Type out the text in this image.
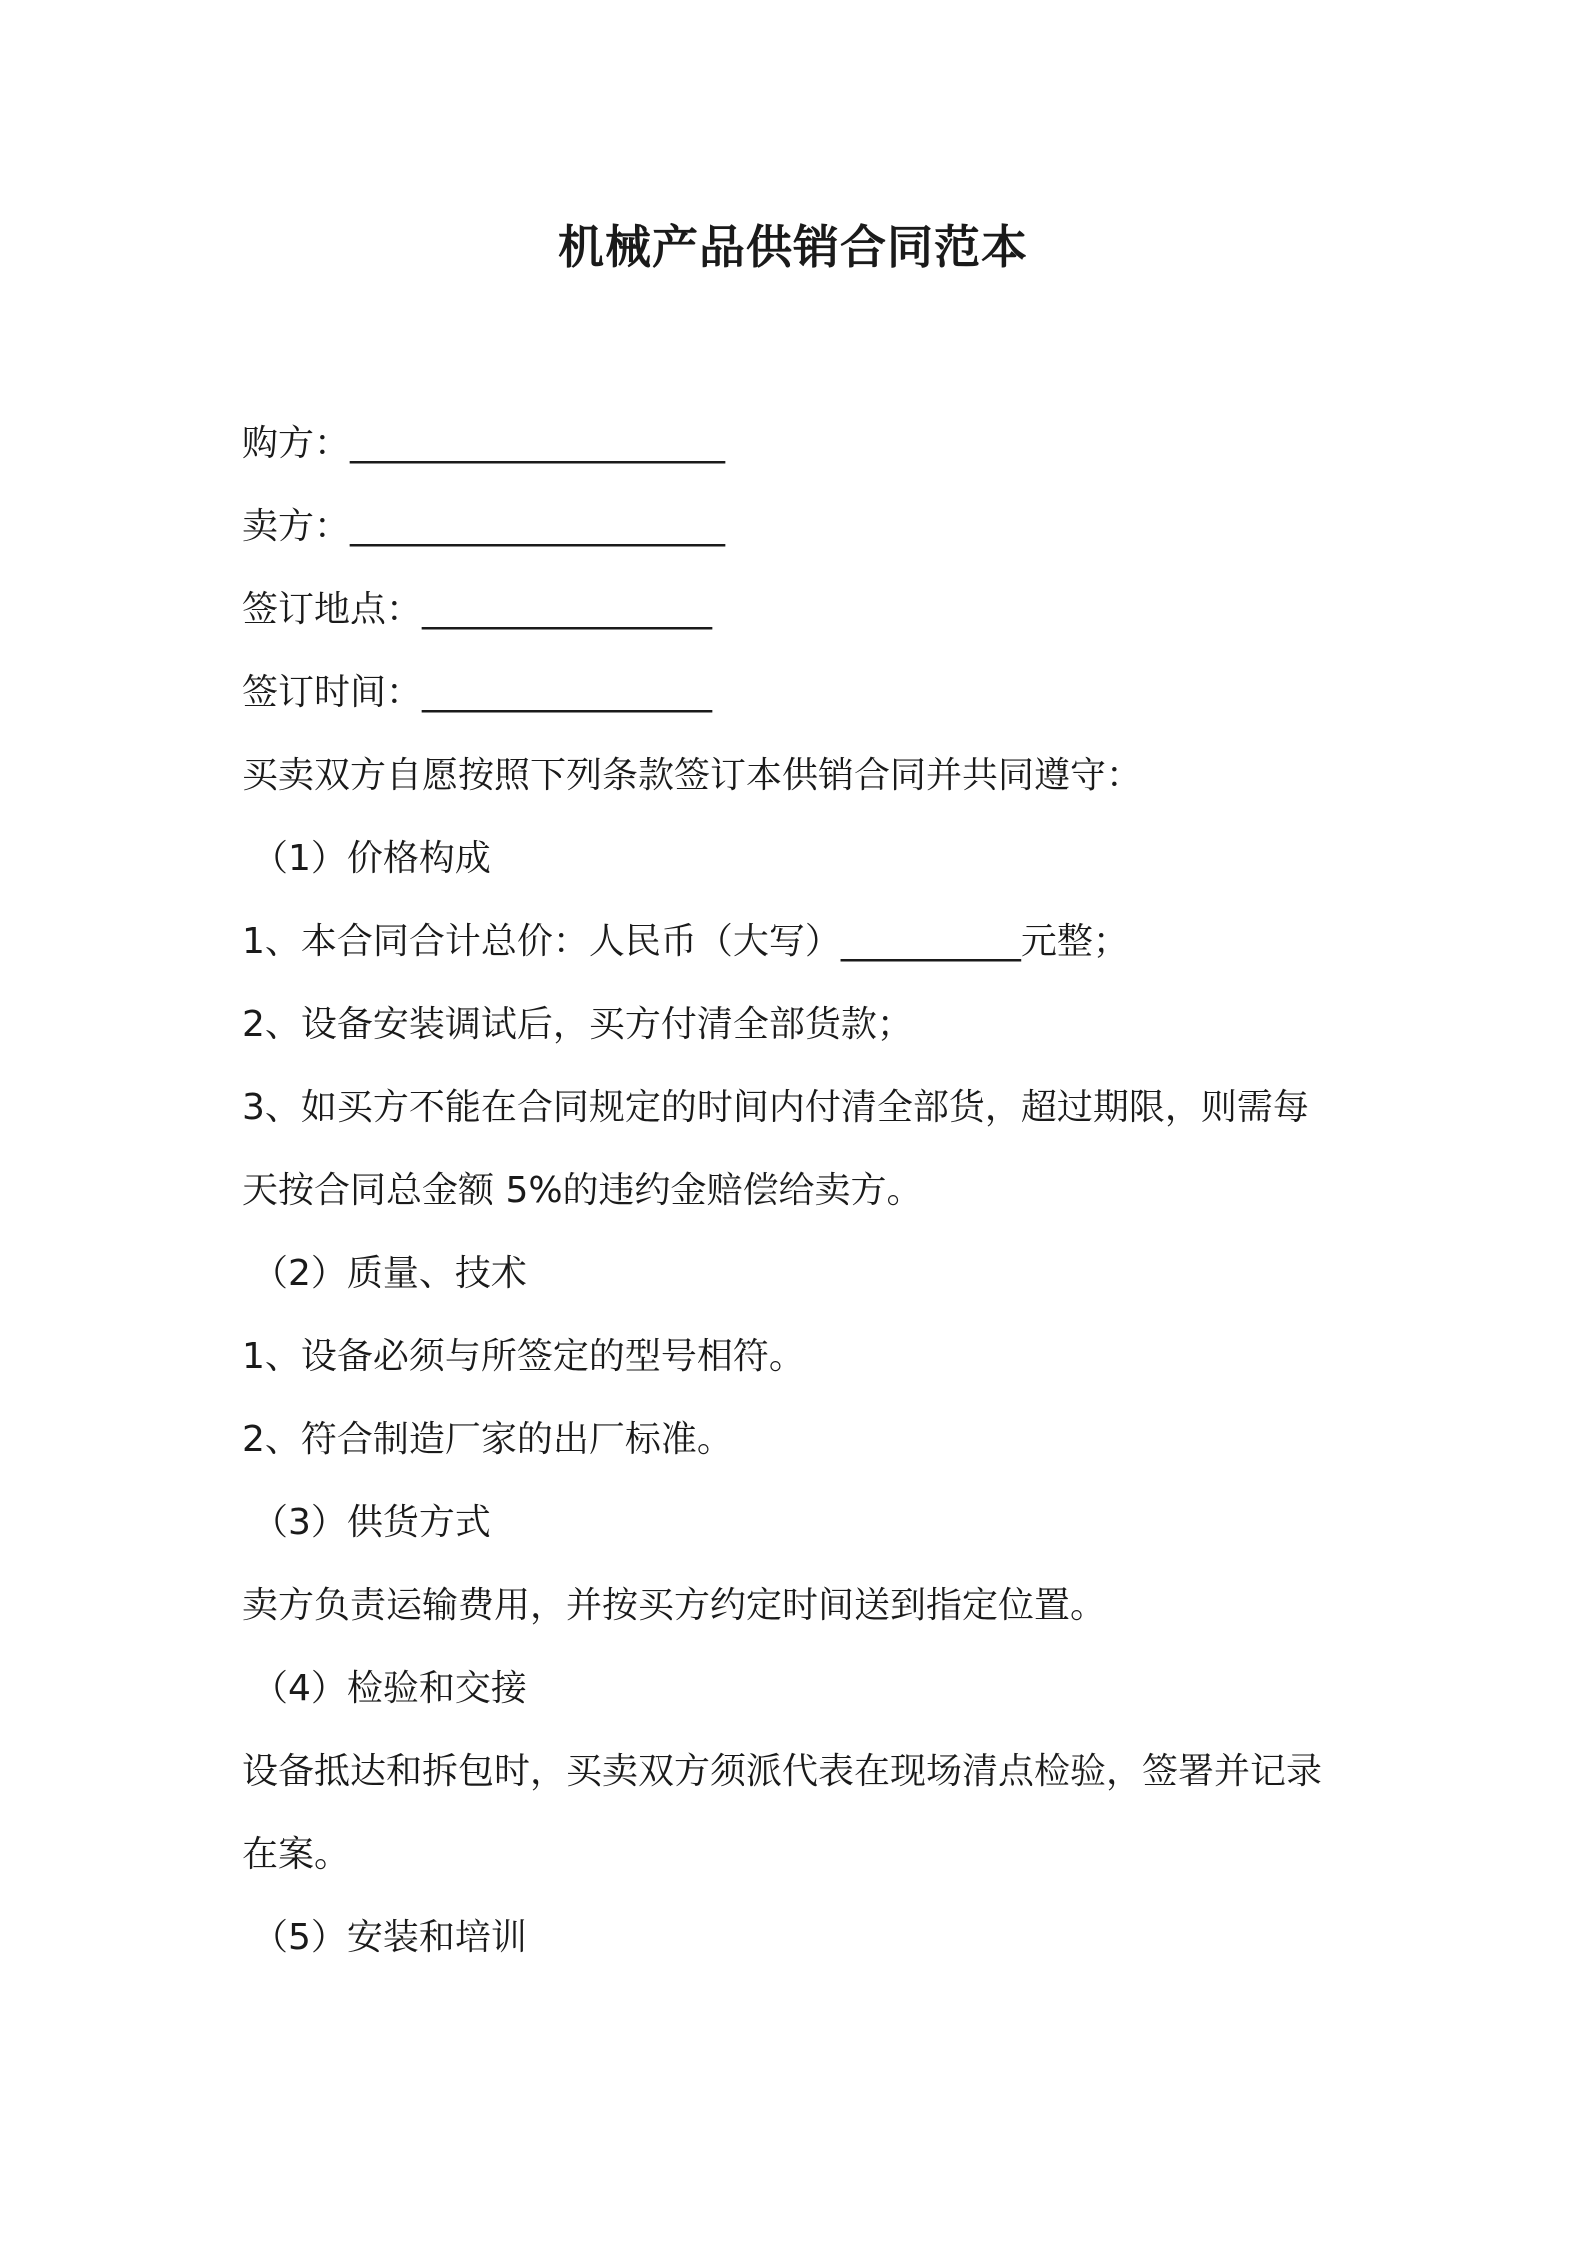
机械产品供销合同范本
购方：______________________
卖方：______________________
签订地点：_________________
签订时间：_________________
买卖双方自愿按照下列条款签订本供销合同并共同遵守：
（1）价格构成
1、本合同合计总价：人民币（大写）__________元整；
2、设备安装调试后，买方付清全部货款；
3、如买方不能在合同规定的时间内付清全部货，超过期限，则需每
天按合同总金额 5%的违约金赔偿给卖方。
（2）质量、技术
1、设备必须与所签定的型号相符。
2、符合制造厂家的出厂标准。
（3）供货方式
卖方负责运输费用，并按买方约定时间送到指定位置。
（4）检验和交接
设备抵达和拆包时，买卖双方须派代表在现场清点检验，签署并记录
在案。
（5）安装和培训
